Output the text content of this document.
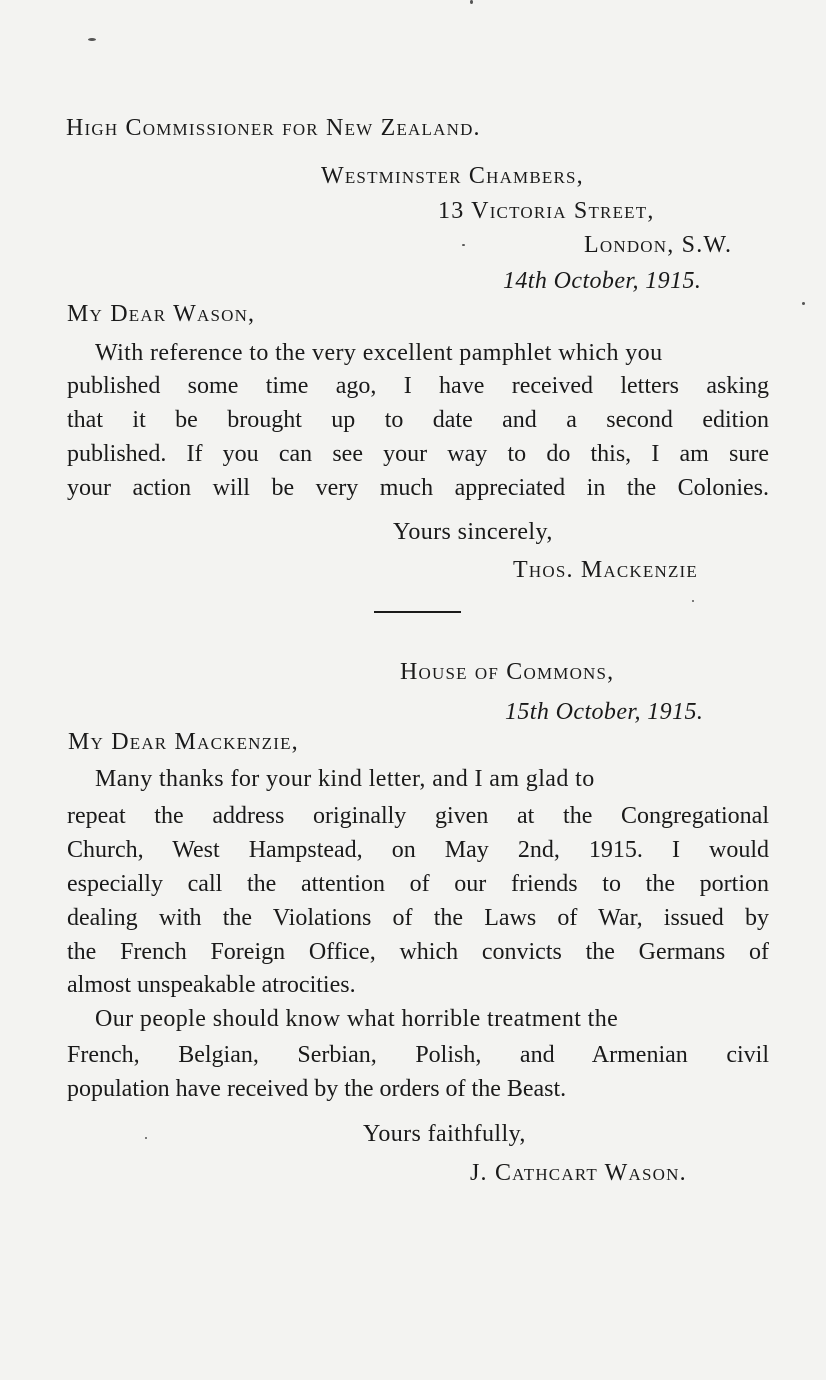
High Commissioner for New Zealand.
Westminster Chambers,
13 Victoria Street,
London, S.W.
14th October, 1915.
My Dear Wason,
With reference to the very excellent pamphlet which you
published some time ago, I have received letters asking
that it be brought up to date and a second edition
published. If you can see your way to do this, I am sure
your action will be very much appreciated in the Colonies.
Yours sincerely,
Thos. Mackenzie
House of Commons,
15th October, 1915.
My Dear Mackenzie,
Many thanks for your kind letter, and I am glad to
repeat the address originally given at the Congregational
Church, West Hampstead, on May 2nd, 1915. I would
especially call the attention of our friends to the portion
dealing with the Violations of the Laws of War, issued by
the French Foreign Office, which convicts the Germans of
almost unspeakable atrocities.
Our people should know what horrible treatment the
French, Belgian, Serbian, Polish, and Armenian civil
population have received by the orders of the Beast.
Yours faithfully,
J. Cathcart Wason.
